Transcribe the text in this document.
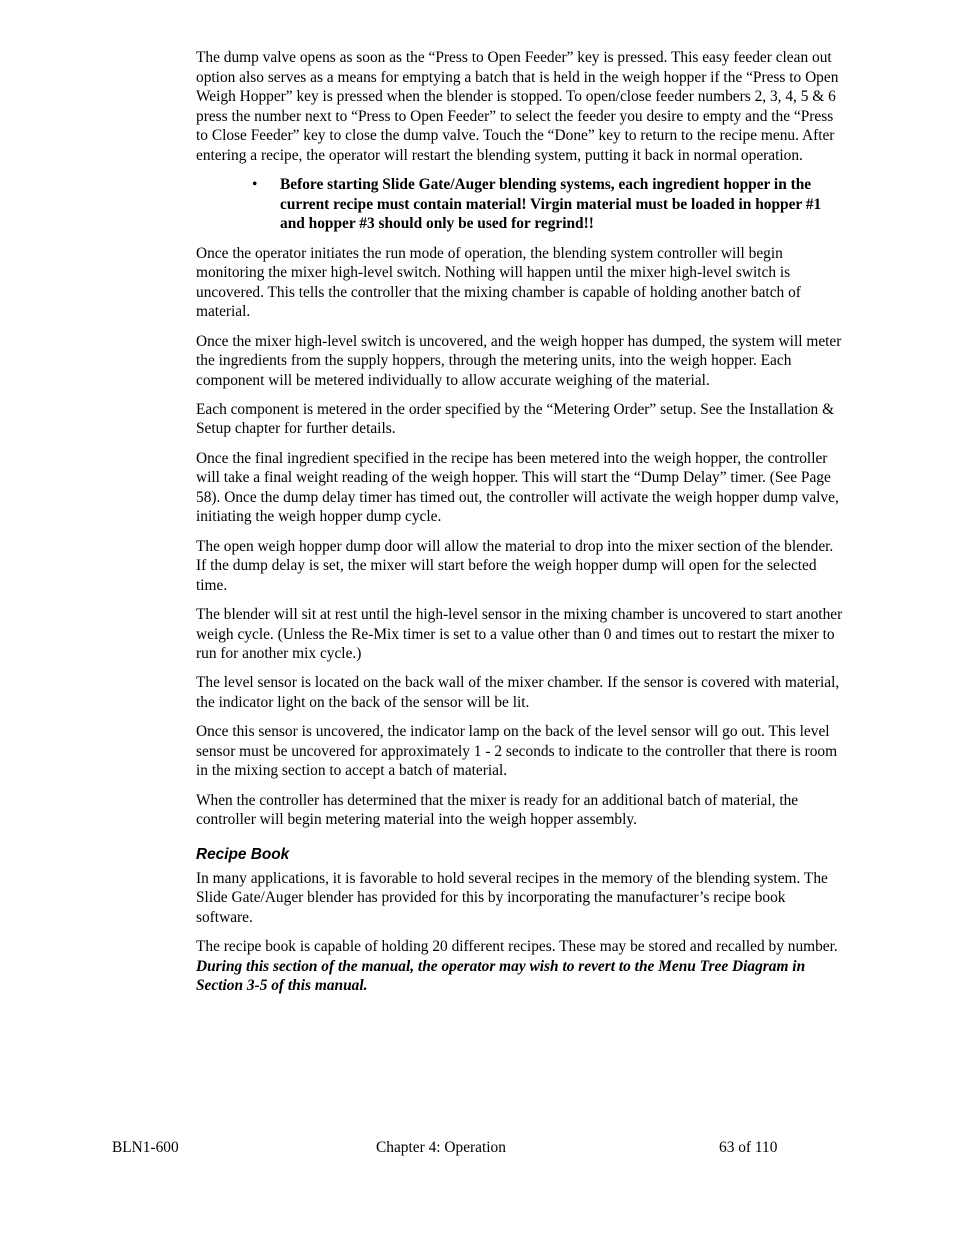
The dump valve opens as soon as the “Press to Open Feeder” key is pressed. This easy feeder clean out option also serves as a means for emptying a batch that is held in the weigh hopper if the “Press to Open Weigh Hopper” key is pressed when the blender is stopped. To open/close feeder numbers 2, 3, 4, 5 & 6 press the number next to “Press to Open Feeder” to select the feeder you desire to empty and the “Press to Close Feeder” key to close the dump valve. Touch the “Done” key to return to the recipe menu. After entering a recipe, the operator will restart the blending system, putting it back in normal operation.

• Before starting Slide Gate/Auger blending systems, each ingredient hopper in the current recipe must contain material! Virgin material must be loaded in hopper #1 and hopper #3 should only be used for regrind!!

Once the operator initiates the run mode of operation, the blending system controller will begin monitoring the mixer high-level switch. Nothing will happen until the mixer high-level switch is uncovered. This tells the controller that the mixing chamber is capable of holding another batch of material.

Once the mixer high-level switch is uncovered, and the weigh hopper has dumped, the system will meter the ingredients from the supply hoppers, through the metering units, into the weigh hopper. Each component will be metered individually to allow accurate weighing of the material.

Each component is metered in the order specified by the “Metering Order” setup. See the Installation & Setup chapter for further details.

Once the final ingredient specified in the recipe has been metered into the weigh hopper, the controller will take a final weight reading of the weigh hopper. This will start the “Dump Delay” timer. (See Page 58). Once the dump delay timer has timed out, the controller will activate the weigh hopper dump valve, initiating the weigh hopper dump cycle.

The open weigh hopper dump door will allow the material to drop into the mixer section of the blender. If the dump delay is set, the mixer will start before the weigh hopper dump will open for the selected time.

The blender will sit at rest until the high-level sensor in the mixing chamber is uncovered to start another weigh cycle. (Unless the Re-Mix timer is set to a value other than 0 and times out to restart the mixer to run for another mix cycle.)

The level sensor is located on the back wall of the mixer chamber. If the sensor is covered with material, the indicator light on the back of the sensor will be lit.

Once this sensor is uncovered, the indicator lamp on the back of the level sensor will go out. This level sensor must be uncovered for approximately 1 - 2 seconds to indicate to the controller that there is room in the mixing section to accept a batch of material.

When the controller has determined that the mixer is ready for an additional batch of material, the controller will begin metering material into the weigh hopper assembly.

Recipe Book

In many applications, it is favorable to hold several recipes in the memory of the blending system. The Slide Gate/Auger blender has provided for this by incorporating the manufacturer’s recipe book software.

The recipe book is capable of holding 20 different recipes. These may be stored and recalled by number. During this section of the manual, the operator may wish to revert to the Menu Tree Diagram in Section 3-5 of this manual.

BLN1-600	Chapter 4: Operation	63 of 110
